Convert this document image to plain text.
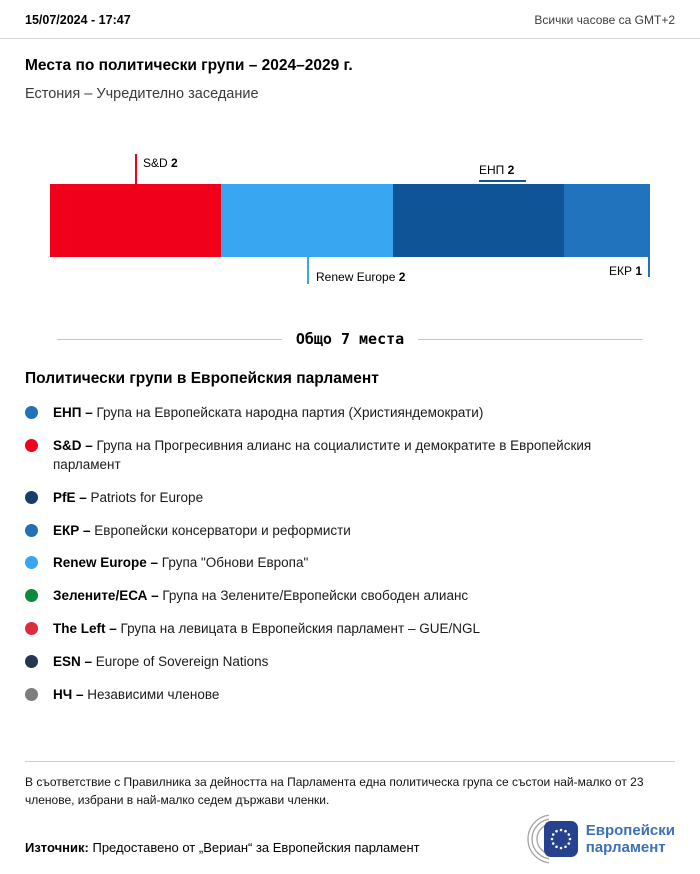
15/07/2024 - 17:47	Всички часове са GMT+2
Места по политически групи – 2024–2029 г.
Естония – Учредително заседание
S&D 2	ЕНП 2
Renew Europe 2	ЕКР 1
Общо 7 места
Политически групи в Европейския парламент
ЕНП – Група на Европейската народна партия (Християндемократи)
S&D – Група на Прогресивния алианс на социалистите и демократите в Европейския парламент
PfE – Patriots for Europe
ЕКР – Европейски консерватори и реформисти
Renew Europe – Група "Обнови Европа"
Зелените/ЕСА – Група на Зелените/Европейски свободен алианс
The Left – Група на левицата в Европейския парламент – GUE/NGL
ESN – Europe of Sovereign Nations
НЧ – Независими членове

В съответствие с Правилника за дейността на Парламента една политическа група се състои най-малко от 23 членове, избрани в най-малко седем държави членки.

Източник: Предоставено от „Вериан“ за Европейския парламент

Европейски
парламент
